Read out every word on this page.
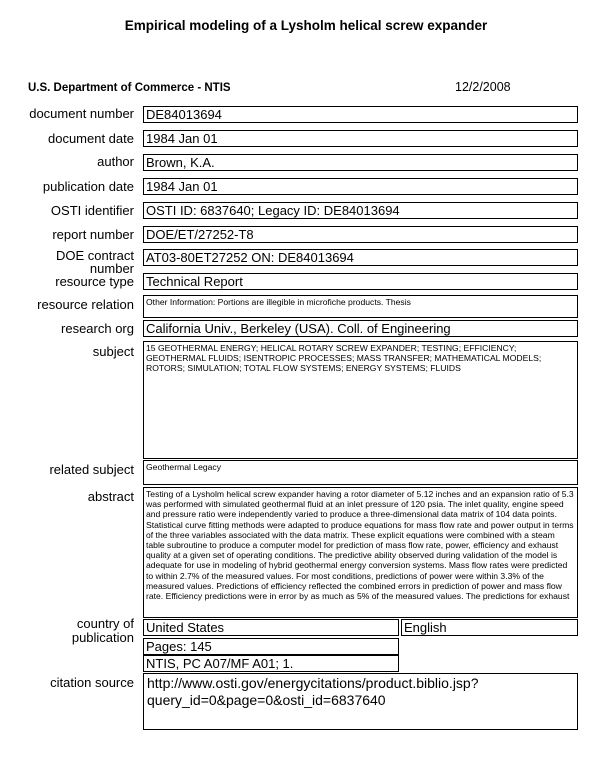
Empirical modeling of a Lysholm helical screw expander
U.S. Department of Commerce - NTIS	12/2/2008
document number DE84013694
document date 1984 Jan 01
author Brown, K.A.
publication date 1984 Jan 01
OSTI identifier OSTI ID: 6837640; Legacy ID: DE84013694
report number DOE/ET/27252-T8
DOE contract
number
AT03-80ET27252 ON: DE84013694
resource type Technical Report
resource relation	Other Information: Portions are illegible in microfiche products. Thesis
research org California Univ., Berkeley (USA). Coll. of Engineering
subject	15 GEOTHERMAL ENERGY; HELICAL ROTARY SCREW EXPANDER; TESTING; EFFICIENCY; GEOTHERMAL FLUIDS; ISENTROPIC PROCESSES; MASS TRANSFER; MATHEMATICAL MODELS; ROTORS; SIMULATION; TOTAL FLOW SYSTEMS; ENERGY SYSTEMS; FLUIDS
related subject	Geothermal Legacy
abstract	Testing of a Lysholm helical screw expander having a rotor diameter of 5.12 inches and an expansion ratio of 5.3 was performed with simulated geothermal fluid at an inlet pressure of 120 psia. The inlet quality, engine speed and pressure ratio were independently varied to produce a three-dimensional data matrix of 104 data points. Statistical curve fitting methods were adapted to produce equations for mass flow rate and power output in terms of the three variables associated with the data matrix. These explicit equations were combined with a steam table subroutine to produce a computer model for prediction of mass flow rate, power, efficiency and exhaust quality at a given set of operating conditions. The predictive ability observed during validation of the model is adequate for use in modeling of hybrid geothermal energy conversion systems. Mass flow rates were predicted to within 2.7% of the measured values. For most conditions, predictions of power were within 3.3% of the measured values. Predictions of efficiency reflected the combined errors in prediction of power and mass flow rate. Efficiency predictions were in error by as much as 5% of the measured values. The predictions for exhaust
country of
publication
United States	English
Pages: 145
NTIS, PC A07/MF A01; 1.
citation source http://www.osti.gov/energycitations/product.biblio.jsp?
query_id=0&page=0&osti_id=6837640
